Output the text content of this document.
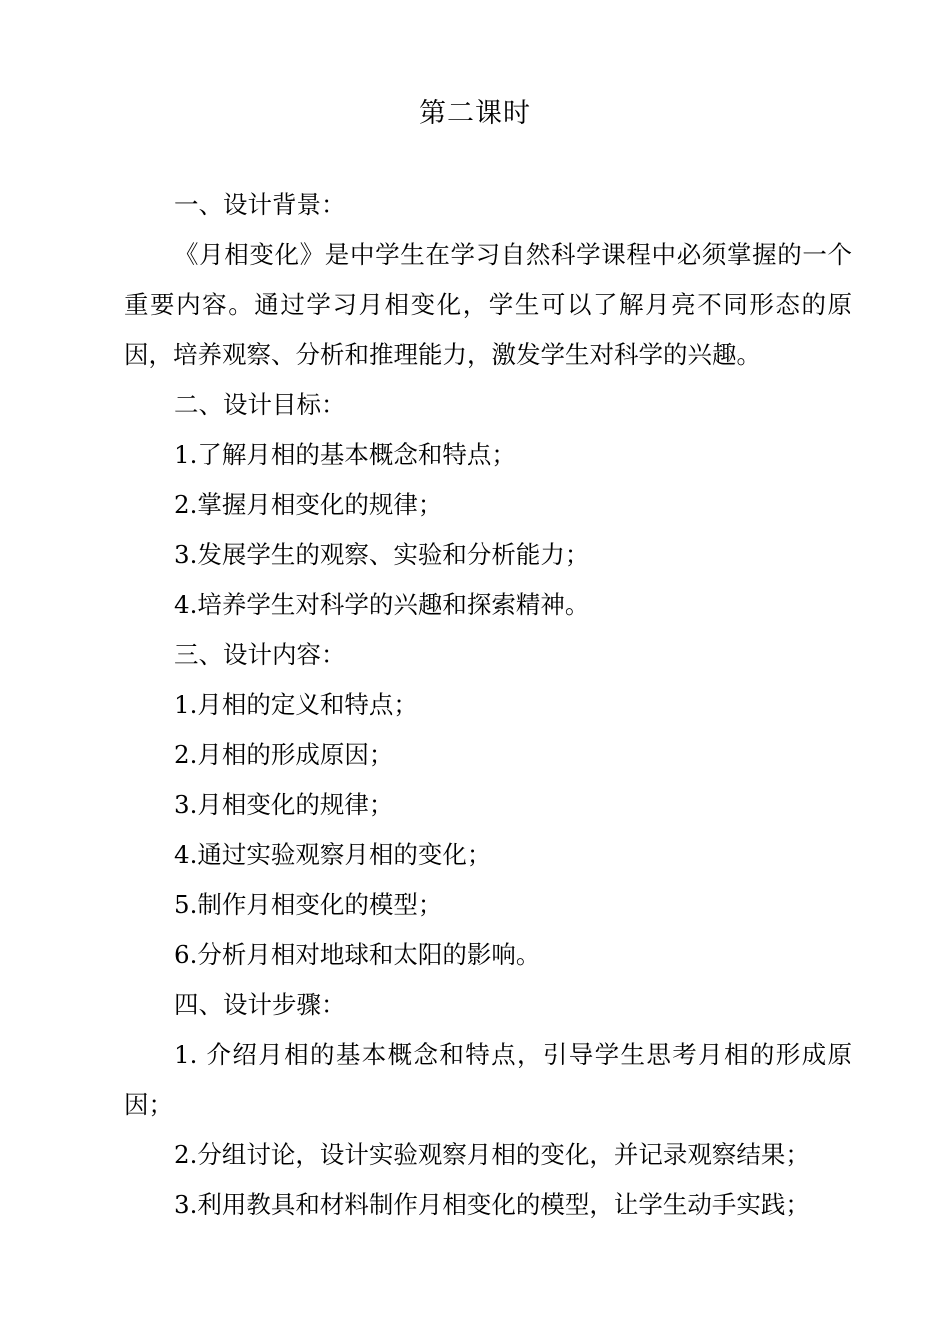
第二课时

一、设计背景：

《月相变化》是中学生在学习自然科学课程中必须掌握的一个重要内容。通过学习月相变化，学生可以了解月亮不同形态的原因，培养观察、分析和推理能力，激发学生对科学的兴趣。

二、设计目标：

1.了解月相的基本概念和特点；

2.掌握月相变化的规律；

3.发展学生的观察、实验和分析能力；

4.培养学生对科学的兴趣和探索精神。

三、设计内容：

1.月相的定义和特点；

2.月相的形成原因；

3.月相变化的规律；

4.通过实验观察月相的变化；

5.制作月相变化的模型；

6.分析月相对地球和太阳的影响。

四、设计步骤：

1. 介绍月相的基本概念和特点，引导学生思考月相的形成原因；

2.分组讨论，设计实验观察月相的变化，并记录观察结果；

3.利用教具和材料制作月相变化的模型，让学生动手实践；
